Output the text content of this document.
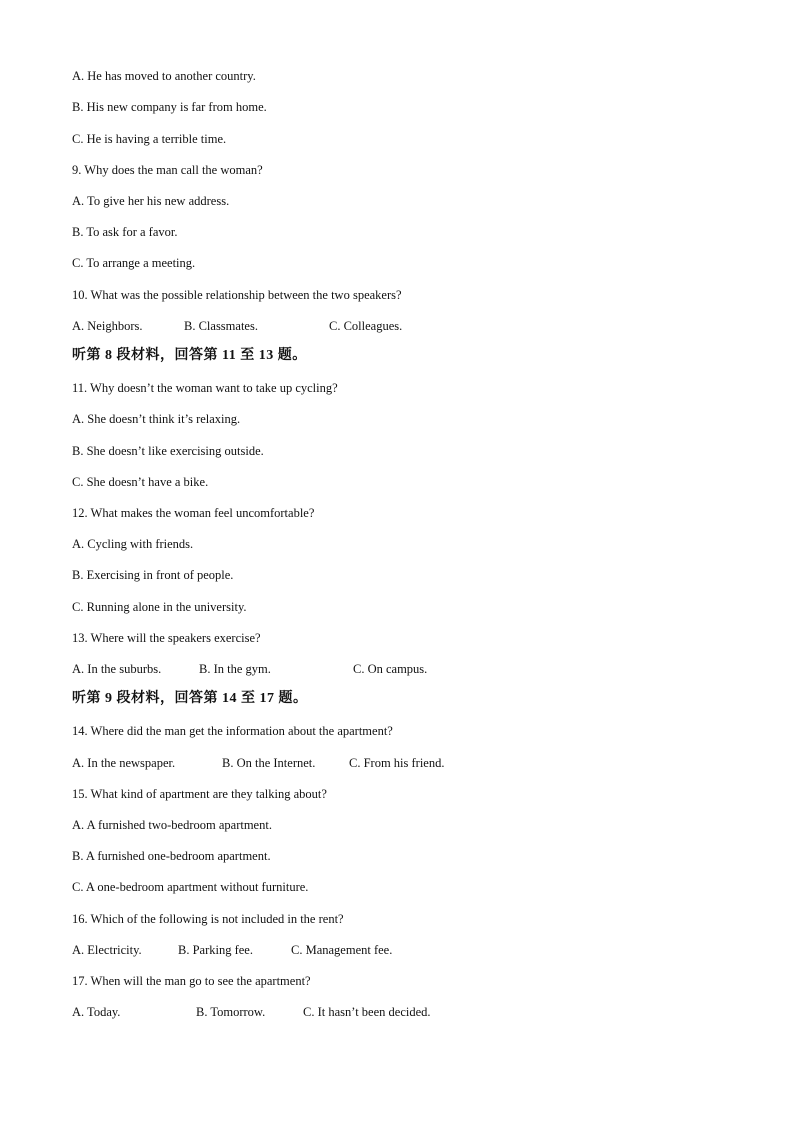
A. He has moved to another country.
B. His new company is far from home.
C. He is having a terrible time.
9. Why does the man call the woman?
A. To give her his new address.
B. To ask for a favor.
C. To arrange a meeting.
10. What was the possible relationship between the two speakers?
A. Neighbors.	B. Classmates.	C. Colleagues.
听第 8 段材料，回答第 11 至 13 题。
11. Why doesn’t the woman want to take up cycling?
A. She doesn’t think it’s relaxing.
B. She doesn’t like exercising outside.
C. She doesn’t have a bike.
12. What makes the woman feel uncomfortable?
A. Cycling with friends.
B. Exercising in front of people.
C. Running alone in the university.
13. Where will the speakers exercise?
A. In the suburbs.	B. In the gym.	C. On campus.
听第 9 段材料，回答第 14 至 17 题。
14. Where did the man get the information about the apartment?
A. In the newspaper.	B. On the Internet.	C. From his friend.
15. What kind of apartment are they talking about?
A. A furnished two-bedroom apartment.
B. A furnished one-bedroom apartment.
C. A one-bedroom apartment without furniture.
16. Which of the following is not included in the rent?
A. Electricity.	B. Parking fee.	C. Management fee.
17. When will the man go to see the apartment?
A. Today.	B. Tomorrow.	C. It hasn’t been decided.
